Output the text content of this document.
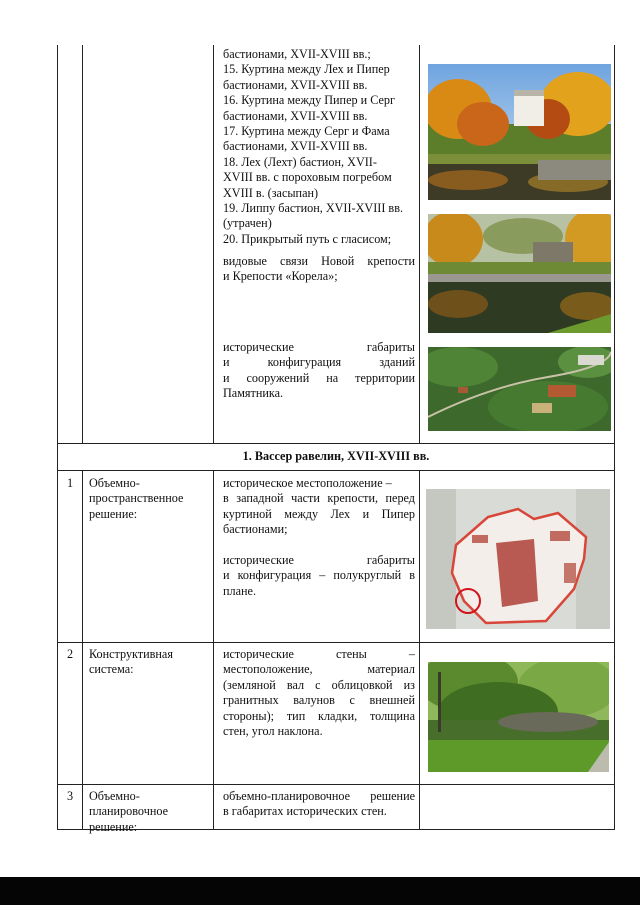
бастионами, XVII-XVIII вв.;
15. Куртина между Лех и Пипер
бастионами, XVII-XVIII вв.
16. Куртина между Пипер и Серг
бастионами, XVII-XVIII вв.
17. Куртина между Серг и Фама
бастионами, XVII-XVIII вв.
18. Лех (Лехт) бастион, XVII-
XVIII вв. с пороховым погребом
XVIII в. (засыпан)
19. Липпу бастион, XVII-XVIII вв.
(утрачен)
20. Прикрытый путь с гласисом;
видовые связи Новой крепости
и Крепости «Корела»;
исторические габариты
и конфигурация зданий
и сооружений на территории
Памятника.
1. Вассер равелин, XVII-XVIII вв.
1 Объемно-
пространственное
решение:
историческое местоположение –
в западной части крепости, перед
куртиной между Лех и Пипер
бастионами;

исторические габариты
и конфигурация – полукруглый в
плане.
2 Конструктивная
система:
исторические стены –
местоположение, материал
(земляной вал с облицовкой из
гранитных валунов с внешней
стороны); тип кладки, толщина
стен, угол наклона.
3 Объемно-
планировочное
решение:
объемно-планировочное решение
в габаритах исторических стен.
